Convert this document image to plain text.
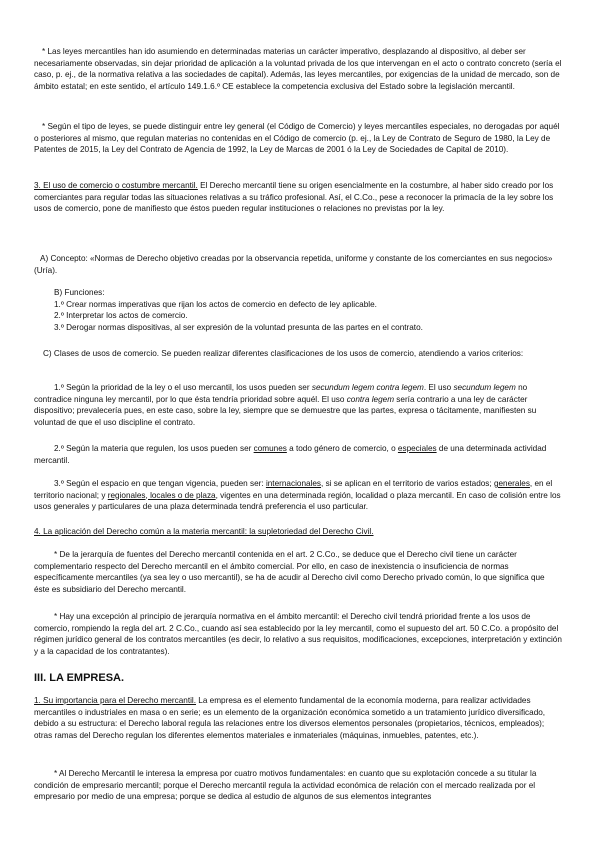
* Las leyes mercantiles han ido asumiendo en determinadas materias un carácter imperativo, desplazando al dispositivo, al deber ser necesariamente observadas, sin dejar prioridad de aplicación a la voluntad privada de los que intervengan en el acto o contrato concreto (sería el caso, p. ej., de la normativa relativa a las sociedades de capital). Además, las leyes mercantiles, por exigencias de la unidad de mercado, son de ámbito estatal; en este sentido, el artículo 149.1.6.º CE establece la competencia exclusiva del Estado sobre la legislación mercantil.

* Según el tipo de leyes, se puede distinguir entre ley general (el Código de Comercio) y leyes mercantiles especiales, no derogadas por aquél o posteriores al mismo, que regulan materias no contenidas en el Código de comercio (p. ej., la Ley de Contrato de Seguro de 1980, la Ley de Patentes de 2015, la Ley del Contrato de Agencia de 1992, la Ley de Marcas de 2001 ó la Ley de Sociedades de Capital de 2010).

3. El uso de comercio o costumbre mercantil. El Derecho mercantil tiene su origen esencialmente en la costumbre, al haber sido creado por los comerciantes para regular todas las situaciones relativas a su tráfico profesional. Así, el C.Co., pese a reconocer la primacía de la ley sobre los usos de comercio, pone de manifiesto que éstos pueden regular instituciones o relaciones no previstas por la ley.

A) Concepto: «Normas de Derecho objetivo creadas por la observancia repetida, uniforme y constante de los comerciantes en sus negocios» (Uría).

B) Funciones:

1.º Crear normas imperativas que rijan los actos de comercio en defecto de ley aplicable.

2.º Interpretar los actos de comercio.

3.º Derogar normas dispositivas, al ser expresión de la voluntad presunta de las partes en el contrato.

C) Clases de usos de comercio. Se pueden realizar diferentes clasificaciones de los usos de comercio, atendiendo a varios criterios:

1.º Según la prioridad de la ley o el uso mercantil, los usos pueden ser secundum legem contra legem. El uso secundum legem no contradice ninguna ley mercantil, por lo que ésta tendría prioridad sobre aquél. El uso contra legem sería contrario a una ley de carácter dispositivo; prevalecería pues, en este caso, sobre la ley, siempre que se demuestre que las partes, expresa o tácitamente, manifiesten su voluntad de que el uso discipline el contrato.

2.º Según la materia que regulen, los usos pueden ser comunes a todo género de comercio, o especiales de una determinada actividad mercantil.

3.º Según el espacio en que tengan vigencia, pueden ser: internacionales, si se aplican en el territorio de varios estados; generales, en el territorio nacional; y regionales, locales o de plaza, vigentes en una determinada región, localidad o plaza mercantil. En caso de colisión entre los usos generales y particulares de una plaza determinada tendrá preferencia el uso particular.

4. La aplicación del Derecho común a la materia mercantil: la supletoriedad del Derecho Civil.

* De la jerarquía de fuentes del Derecho mercantil contenida en el art. 2 C.Co., se deduce que el Derecho civil tiene un carácter complementario respecto del Derecho mercantil en el ámbito comercial. Por ello, en caso de inexistencia o insuficiencia de normas específicamente mercantiles (ya sea ley o uso mercantil), se ha de acudir al Derecho civil como Derecho privado común, lo que significa que éste es subsidiario del Derecho mercantil.

* Hay una excepción al principio de jerarquía normativa en el ámbito mercantil: el Derecho civil tendrá prioridad frente a los usos de comercio, rompiendo la regla del art. 2 C.Co., cuando así sea establecido por la ley mercantil, como el supuesto del art. 50 C.Co. a propósito del régimen jurídico general de los contratos mercantiles (es decir, lo relativo a sus requisitos, modificaciones, excepciones, interpretación y extinción y a la capacidad de los contratantes).

III. LA EMPRESA.

1. Su importancia para el Derecho mercantil. La empresa es el elemento fundamental de la economía moderna, para realizar actividades mercantiles o industriales en masa o en serie; es un elemento de la organización económica sometido a un tratamiento jurídico diversificado, debido a su estructura: el Derecho laboral regula las relaciones entre los diversos elementos personales (propietarios, técnicos, empleados); otras ramas del Derecho regulan los diferentes elementos materiales e inmateriales (máquinas, inmuebles, patentes, etc.).

* Al Derecho Mercantil le interesa la empresa por cuatro motivos fundamentales: en cuanto que su explotación concede a su titular la condición de empresario mercantil; porque el Derecho mercantil regula la actividad económica de relación con el mercado realizada por el empresario por medio de una empresa; porque se dedica al estudio de algunos de sus elementos integrantes
